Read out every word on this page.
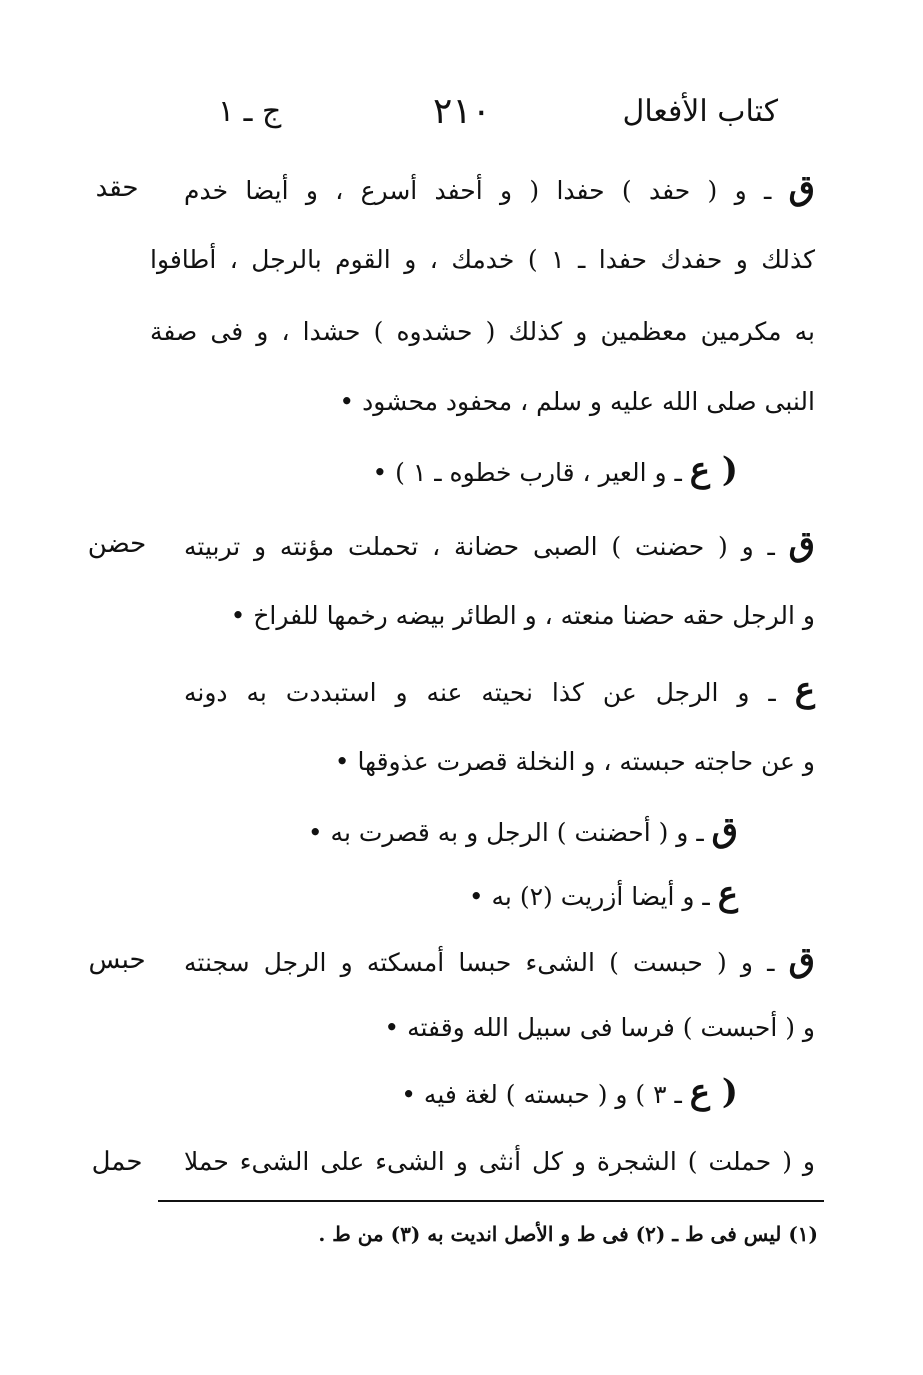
كتاب الأفعال
٢١٠
ج ـ ١
حقد	ق ـ و ( حفد ) حفدا ( و أحفد أسرع ، و أيضا خدم
كذلك و حفدك حفدا ـ ١ ) خدمك ، و القوم بالرجل ، أطافوا
به مكرمين معظمين و كذلك ( حشدوه ) حشدا ، و فى صفة
النبى صلى الله عليه و سلم ، محفود محشود •
( ع ـ و العير ، قارب خطوه ـ ١ ) •
حضن	ق ـ و ( حضنت ) الصبى حضانة ، تحملت مؤنته و تربيته
و الرجل حقه حضنا منعته ، و الطائر بيضه رخمها للفراخ •
ع ـ و الرجل عن كذا نحيته عنه و استبددت به دونه
و عن حاجته حبسته ، و النخلة قصرت عذوقها •
ق ـ و ( أحضنت ) الرجل و به قصرت به •
ع ـ و أيضا أزريت (٢) به •
حبس	ق ـ و ( حبست ) الشىء حبسا أمسكته و الرجل سجنته
و ( أحبست ) فرسا فى سبيل الله وقفته •
( ع ـ ٣ ) و ( حبسته ) لغة فيه •
حمل	و ( حملت ) الشجرة و كل أنثى و الشىء على الشىء حملا
(١) ليس فى ط ـ (٢) فى ط و الأصل انديت به (٣) من ط .
